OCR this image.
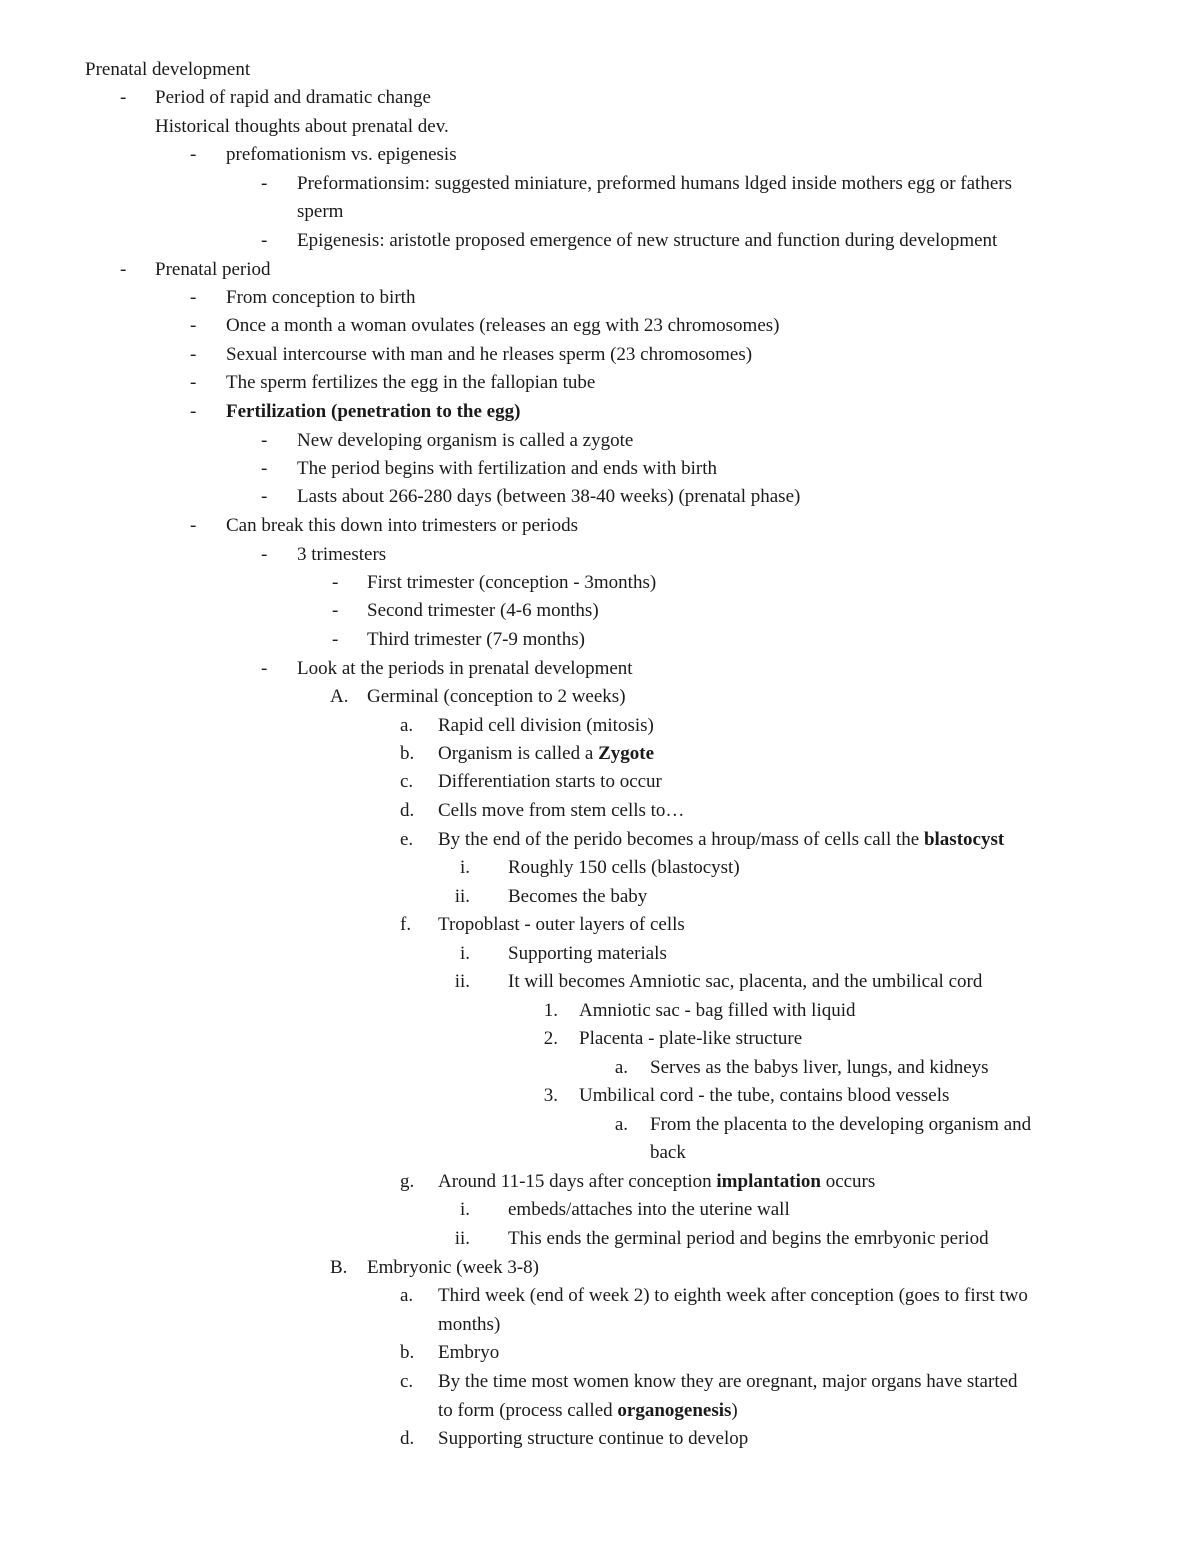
Prenatal development
- Period of rapid and dramatic change
Historical thoughts about prenatal dev.
- prefomationism vs. epigenesis
- Preformationsim: suggested miniature, preformed humans ldged inside mothers egg or fathers
sperm
- Epigenesis: aristotle proposed emergence of new structure and function during development
- Prenatal period
- From conception to birth
- Once a month a woman ovulates (releases an egg with 23 chromosomes)
- Sexual intercourse with man and he rleases sperm (23 chromosomes)
- The sperm fertilizes the egg in the fallopian tube
- Fertilization (penetration to the egg)
- New developing organism is called a zygote
- The period begins with fertilization and ends with birth
- Lasts about 266-280 days (between 38-40 weeks) (prenatal phase)
- Can break this down into trimesters or periods
- 3 trimesters
- First trimester (conception - 3months)
- Second trimester (4-6 months)
- Third trimester (7-9 months)
- Look at the periods in prenatal development
A. Germinal (conception to 2 weeks)
a. Rapid cell division (mitosis)
b. Organism is called a Zygote
c. Differentiation starts to occur
d. Cells move from stem cells to…
e. By the end of the perido becomes a hroup/mass of cells call the blastocyst
i. Roughly 150 cells (blastocyst)
ii. Becomes the baby
f. Tropoblast - outer layers of cells
i. Supporting materials
ii. It will becomes Amniotic sac, placenta, and the umbilical cord
1. Amniotic sac - bag filled with liquid
2. Placenta - plate-like structure
a. Serves as the babys liver, lungs, and kidneys
3. Umbilical cord - the tube, contains blood vessels
a. From the placenta to the developing organism and
back
g. Around 11-15 days after conception implantation occurs
i. embeds/attaches into the uterine wall
ii. This ends the germinal period and begins the emrbyonic period
B. Embryonic (week 3-8)
a. Third week (end of week 2) to eighth week after conception (goes to first two
months)
b. Embryo
c. By the time most women know they are oregnant, major organs have started
to form (process called organogenesis)
d. Supporting structure continue to develop
